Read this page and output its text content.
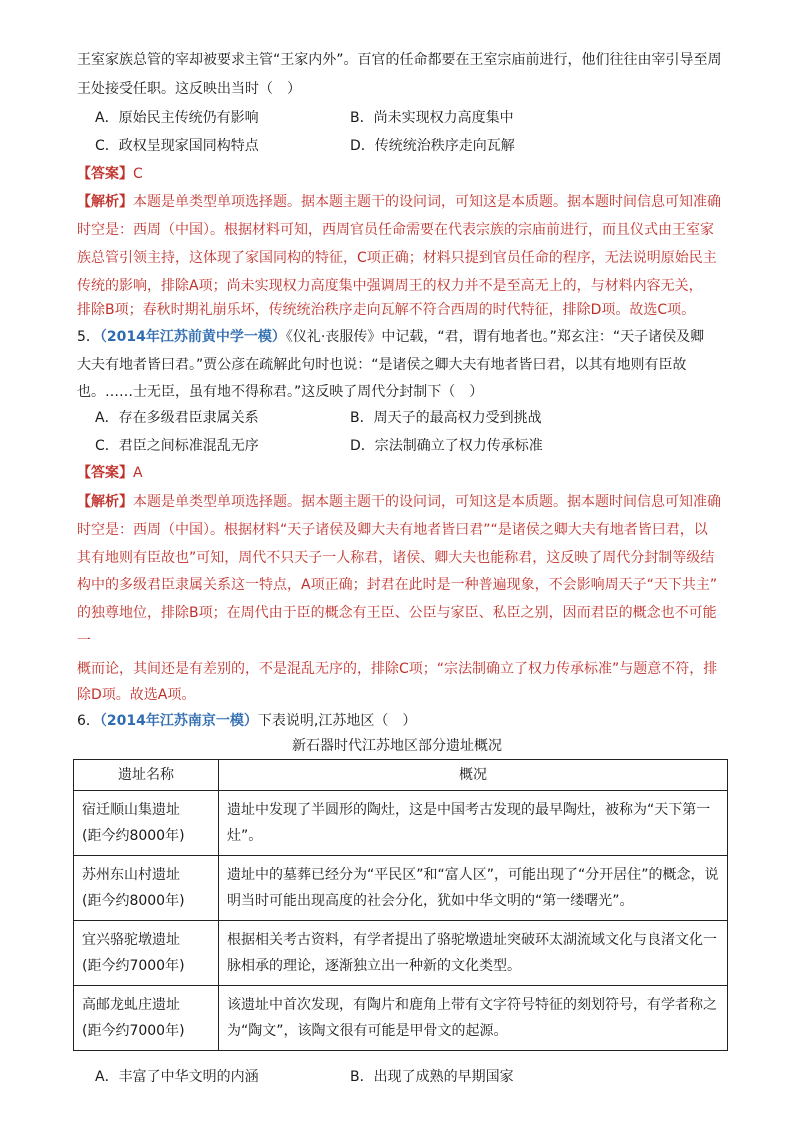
王室家族总管的宰却被要求主管“王家内外”。百官的任命都要在王室宗庙前进行，他们往往由宰引导至周
王处接受任职。这反映出当时（　）
A．原始民主传统仍有影响	B．尚未实现权力高度集中
C．政权呈现家国同构特点	D．传统统治秩序走向瓦解
【答案】C
【解析】本题是单类型单项选择题。据本题主题干的设问词，可知这是本质题。据本题时间信息可知准确
时空是：西周（中国）。根据材料可知，西周官员任命需要在代表宗族的宗庙前进行，而且仪式由王室家
族总管引领主持，这体现了家国同构的特征，C项正确；材料只提到官员任命的程序，无法说明原始民主
传统的影响，排除A项；尚未实现权力高度集中强调周王的权力并不是至高无上的，与材料内容无关，
排除B项；春秋时期礼崩乐坏，传统统治秩序走向瓦解不符合西周的时代特征，排除D项。故选C项。
5．（2014年江苏前黄中学一模）《仪礼·丧服传》中记载，“君，谓有地者也。”郑玄注：“天子诸侯及卿
大夫有地者皆曰君。”贾公彦在疏解此句时也说：“是诸侯之卿大夫有地者皆曰君，以其有地则有臣故
也。……士无臣，虽有地不得称君。”这反映了周代分封制下（　）
A．存在多级君臣隶属关系	B．周天子的最高权力受到挑战
C．君臣之间标准混乱无序	D．宗法制确立了权力传承标准
【答案】A
【解析】本题是单类型单项选择题。据本题主题干的设问词，可知这是本质题。据本题时间信息可知准确
时空是：西周（中国）。根据材料“天子诸侯及卿大夫有地者皆曰君”“是诸侯之卿大夫有地者皆曰君，以
其有地则有臣故也”可知，周代不只天子一人称君，诸侯、卿大夫也能称君，这反映了周代分封制等级结
构中的多级君臣隶属关系这一特点，A项正确；封君在此时是一种普遍现象，不会影响周天子“天下共主”
的独尊地位，排除B项；在周代由于臣的概念有王臣、公臣与家臣、私臣之别，因而君臣的概念也不可能
一
概而论，其间还是有差别的，不是混乱无序的，排除C项；“宗法制确立了权力传承标准”与题意不符，排
除D项。故选A项。
6．（2014年江苏南京一模）下表说明,江苏地区（　）
新石器时代江苏地区部分遗址概况
遗址名称	概况

宿迁顺山集遗址
(距今约8000年)	遗址中发现了半圆形的陶灶，这是中国考古发现的最早陶灶，被称为“天下第一灶”。

苏州东山村遗址
(距今约8000年)	遗址中的墓葬已经分为“平民区”和“富人区”，可能出现了“分开居住”的概念，说明当时可能出现高度的社会分化，犹如中华文明的“第一缕曙光”。

宜兴骆驼墩遗址
(距今约7000年)	根据相关考古资料，有学者提出了骆驼墩遗址突破环太湖流域文化与良渚文化一脉相承的理论，逐渐独立出一种新的文化类型。

高邮龙虬庄遗址
(距今约7000年)	该遗址中首次发现，有陶片和鹿角上带有文字符号特征的刻划符号，有学者称之为“陶文”，该陶文很有可能是甲骨文的起源。
A．丰富了中华文明的内涵	B．出现了成熟的早期国家
